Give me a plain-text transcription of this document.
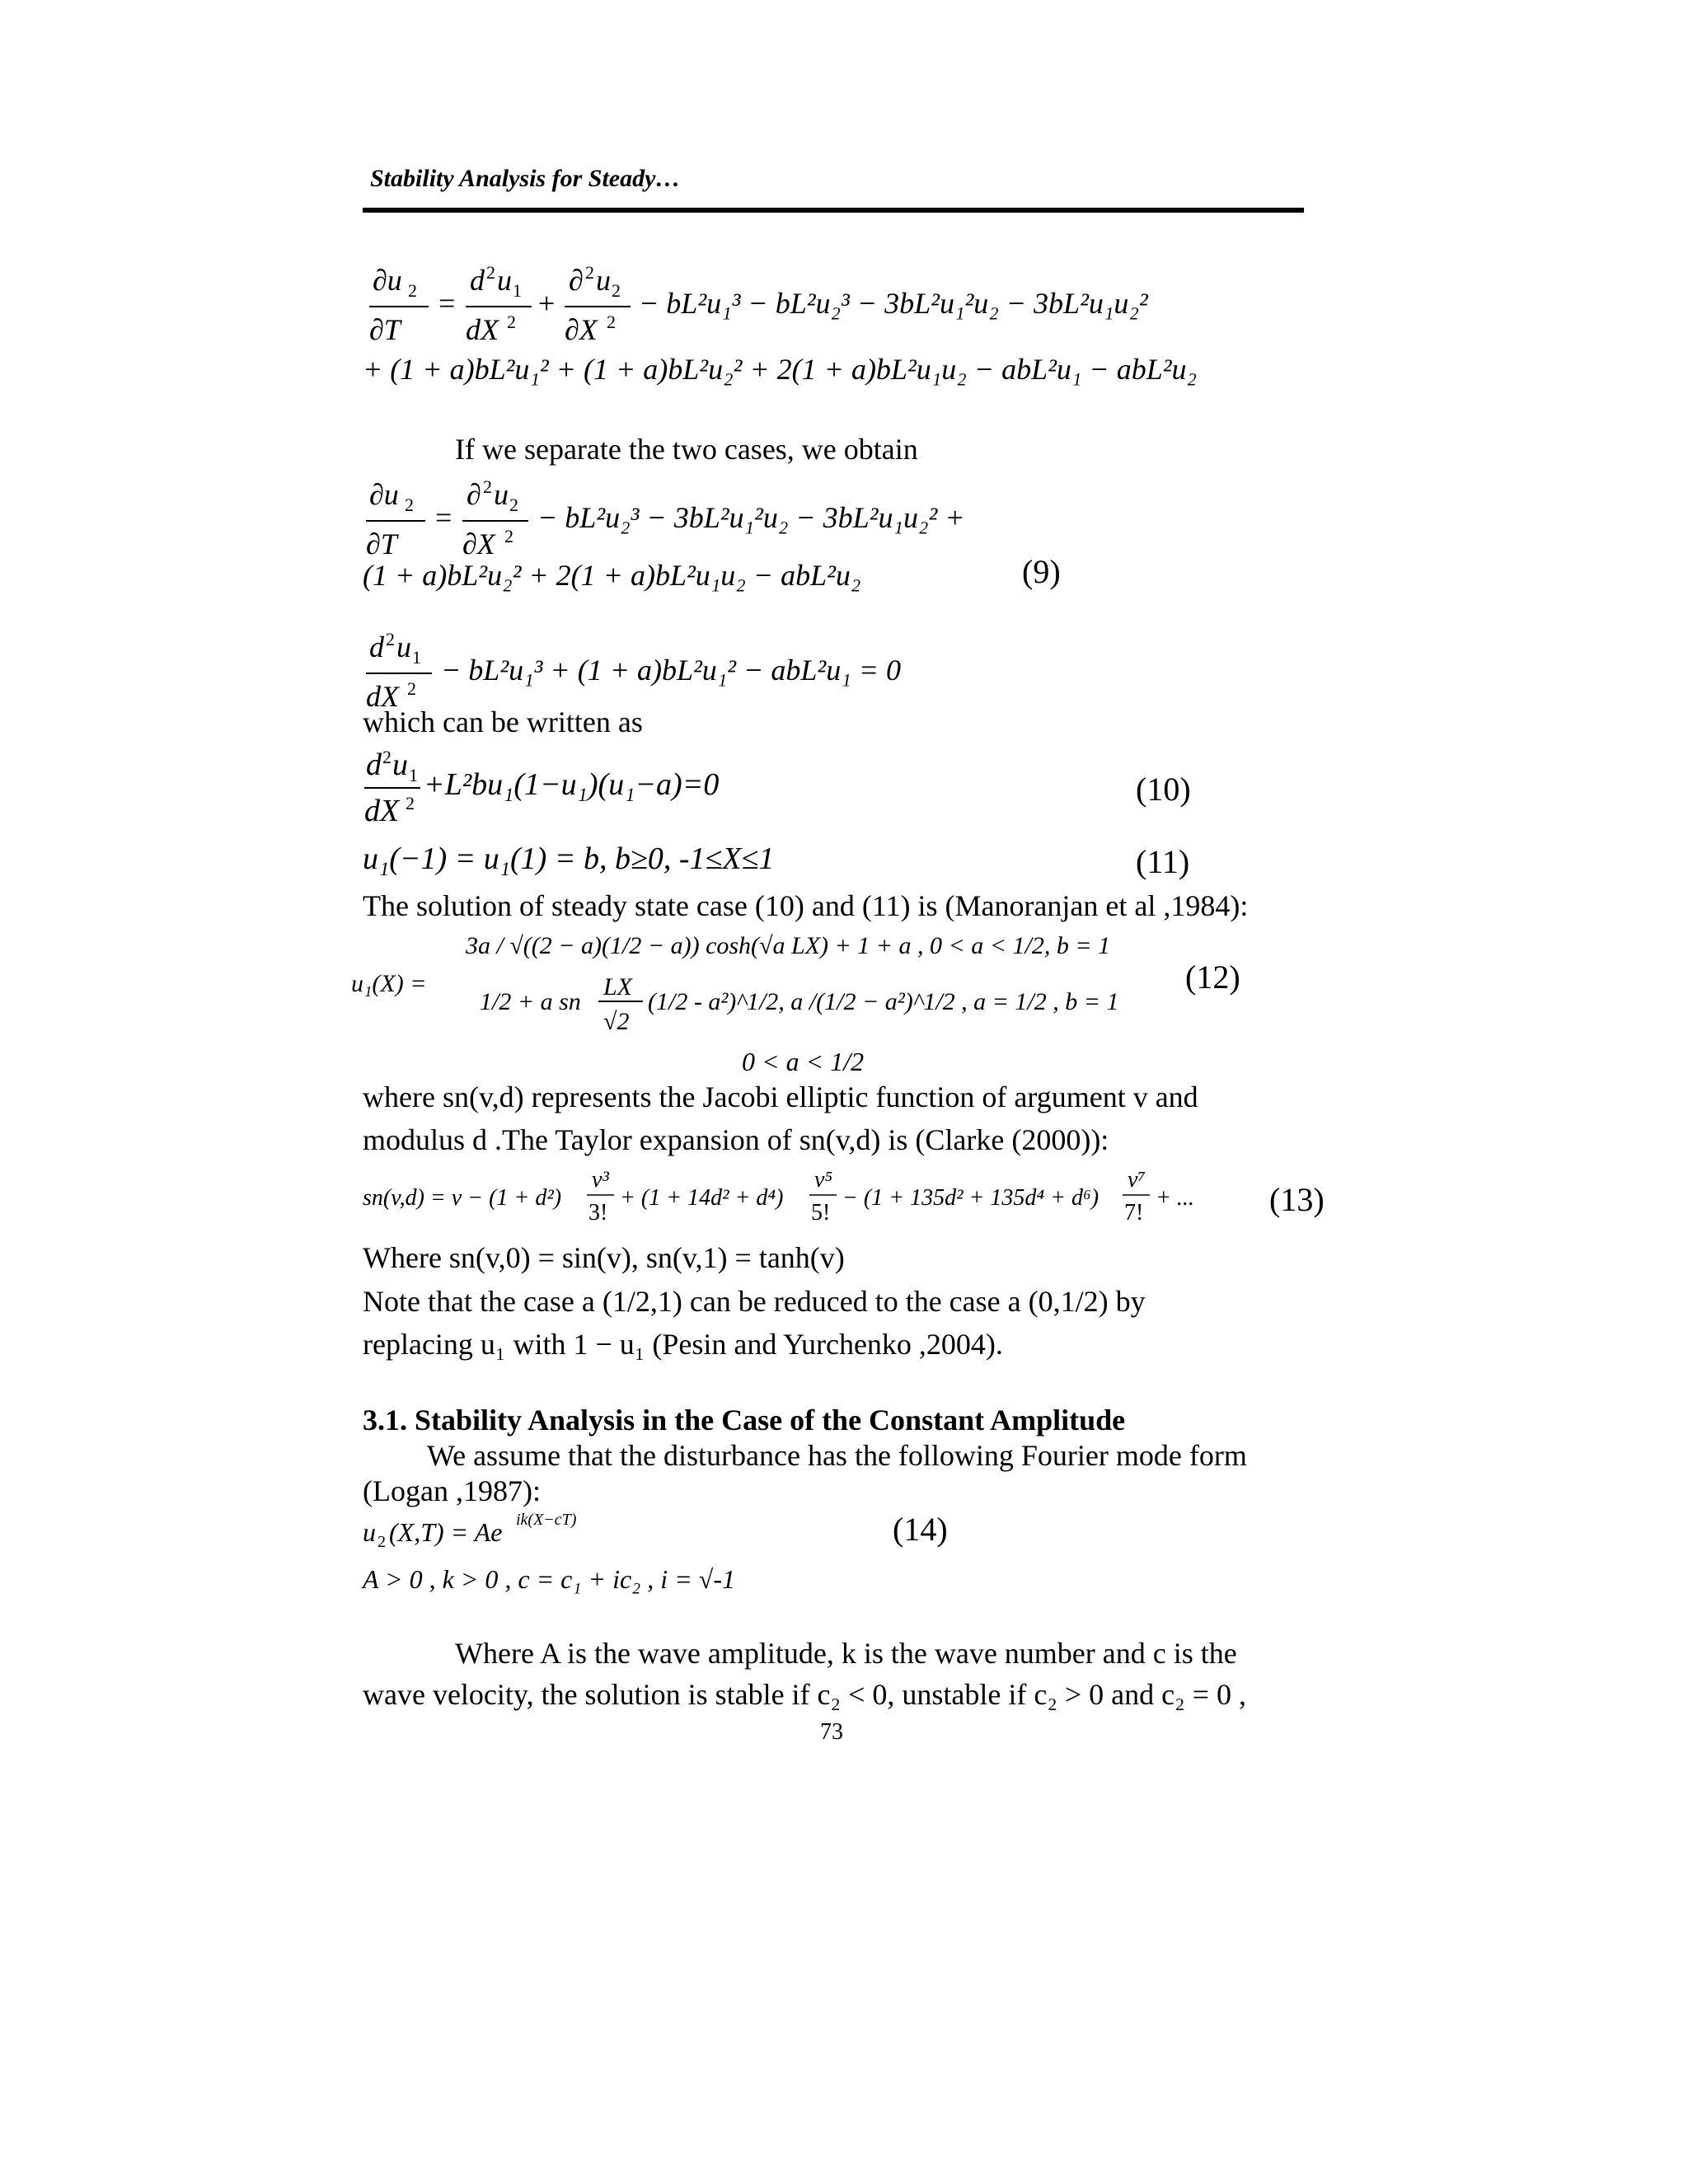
Stability Analysis for Steady…
∂u 2
∂T
=
d 2 u 1
dX 2
+
∂ 2 u 2
∂X 2
− bL²u₁³ − bL²u₂³ − 3bL²u₁²u₂ − 3bL²u₁u₂²
+ (1 + a)bL²u₁² + (1 + a)bL²u₂² + 2(1 + a)bL²u₁u₂ − abL²u₁ − abL²u₂
If we separate the two cases, we obtain
∂u 2
∂T
=
∂ 2 u 2
∂X 2
− bL²u₂³ − 3bL²u₁²u₂ − 3bL²u₁u₂² +
(1 + a)bL²u₂² + 2(1 + a)bL²u₁u₂ − abL²u₂	(9)
d 2 u 1
dX 2
− bL²u₁³ + (1 + a)bL²u₁² − abL²u₁ = 0
which can be written as
d 2 u 1
dX 2
+L²bu₁(1−u₁)(u₁−a)=0	(10)
u₁(−1) = u₁(1) = b, b≥0, -1≤X≤1	(11)
The solution of steady state case (10) and (11) is (Manoranjan et al ,1984):
u₁(X) =
3a / √((2 − a)(1/2 − a)) cosh(√a LX) + 1 + a , 0 < a < 1/2, b = 1
1/2 + a sn
LX
√2
(1/2 - a²)^1/2, a /(1/2 − a²)^1/2 , a = 1/2 , b = 1
(12)
0 < a < 1/2
where sn(v,d) represents the Jacobi elliptic function of argument v and
modulus d .The Taylor expansion of sn(v,d) is (Clarke (2000)):
sn(v,d) = v − (1 + d²)
v³
3!
+ (1 + 14d² + d⁴)
v⁵
5!
− (1 + 135d² + 135d⁴ + d⁶)
v⁷
7!
+ ... (13)
Where sn(v,0) = sin(v), sn(v,1) = tanh(v)
Note that the case a (1/2,1) can be reduced to the case a (0,1/2) by
replacing u₁ with 1 − u₁ (Pesin and Yurchenko ,2004).
3.1. Stability Analysis in the Case of the Constant Amplitude
We assume that the disturbance has the following Fourier mode form
(Logan ,1987):
u 2 (X,T) = Ae ik(X−cT)	(14)
A > 0 , k > 0 , c = c₁ + ic₂ , i = √-1
Where A is the wave amplitude, k is the wave number and c is the
wave velocity, the solution is stable if c₂ < 0, unstable if c₂ > 0 and c₂ = 0 ,
73
